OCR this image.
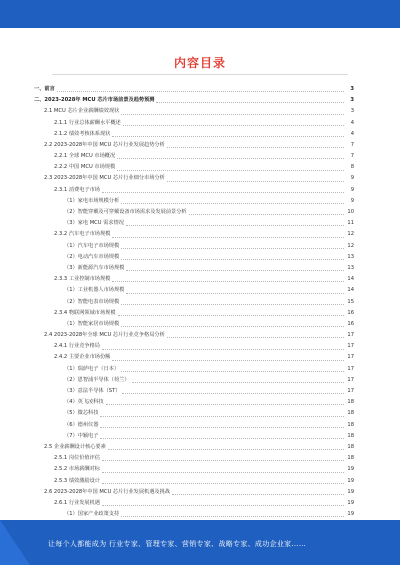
内容目录
一、前言	3
二、2023-2028年 MCU 芯片市场前景及趋势预测	3
2.1 MCU 芯片企业薪酬绩效现状	3
2.1.1 行业总体薪酬水平概述	4
2.1.2 绩效考核体系现状	4
2.2 2023-2028年中国 MCU 芯片行业发展趋势分析	7
2.2.1 全球 MCU 市场概况	7
2.2.2 中国 MCU 市场规模	8
2.3 2023-2028年中国 MCU 芯片行业细分市场分析	9
2.3.1 消费电子市场	9
（1）家电市场规模分析	9
（2）智能穿戴及可穿戴设备市场需求及发展前景分析	10
（3）家电 MCU 需求情况	11
2.3.2 汽车电子市场规模	12
（1）汽车电子市场规模	12
（2）电动汽车市场规模	13
（3）新能源汽车市场规模	13
2.3.3 工业控制市场规模	14
（1）工业机器人市场规模	14
（2）智能电表市场规模	15
2.3.4 物联网领域市场规模	16
（1）智能家居市场规模	16
2.4 2023-2028年全球 MCU 芯片行业竞争格局分析	17
2.4.1 行业竞争格局	17
2.4.2 主要企业市场份额	17
（1）瑞萨电子（日本）	17
（2）恩智浦半导体（荷兰）	17
（3）意法半导体（ST）	17
（4）英飞凌科技	18
（5）微芯科技	18
（6）德州仪器	18
（7）中颖电子	18
2.5 企业薪酬设计核心要素	18
2.5.1 岗位价值评估	18
2.5.2 市场薪酬对标	19
2.5.3 绩效激励设计	19
2.6 2023-2028年中国 MCU 芯片行业发展机遇及挑战	19
2.6.1 行业发展机遇	19
（1）国家产业政策支持	19
让每个人都能成为 行业专家、管理专家、营销专家、战略专家、成功企业家……
